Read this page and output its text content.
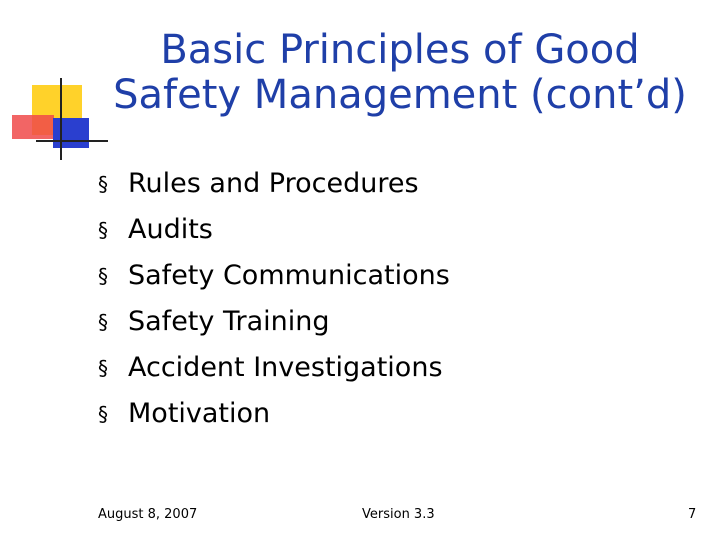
Basic Principles of Good
Safety Management (cont’d)
§ Rules and Procedures
§ Audits
§ Safety Communications
§ Safety Training
§ Accident Investigations
§ Motivation
August 8, 2007	Version 3.3	7
